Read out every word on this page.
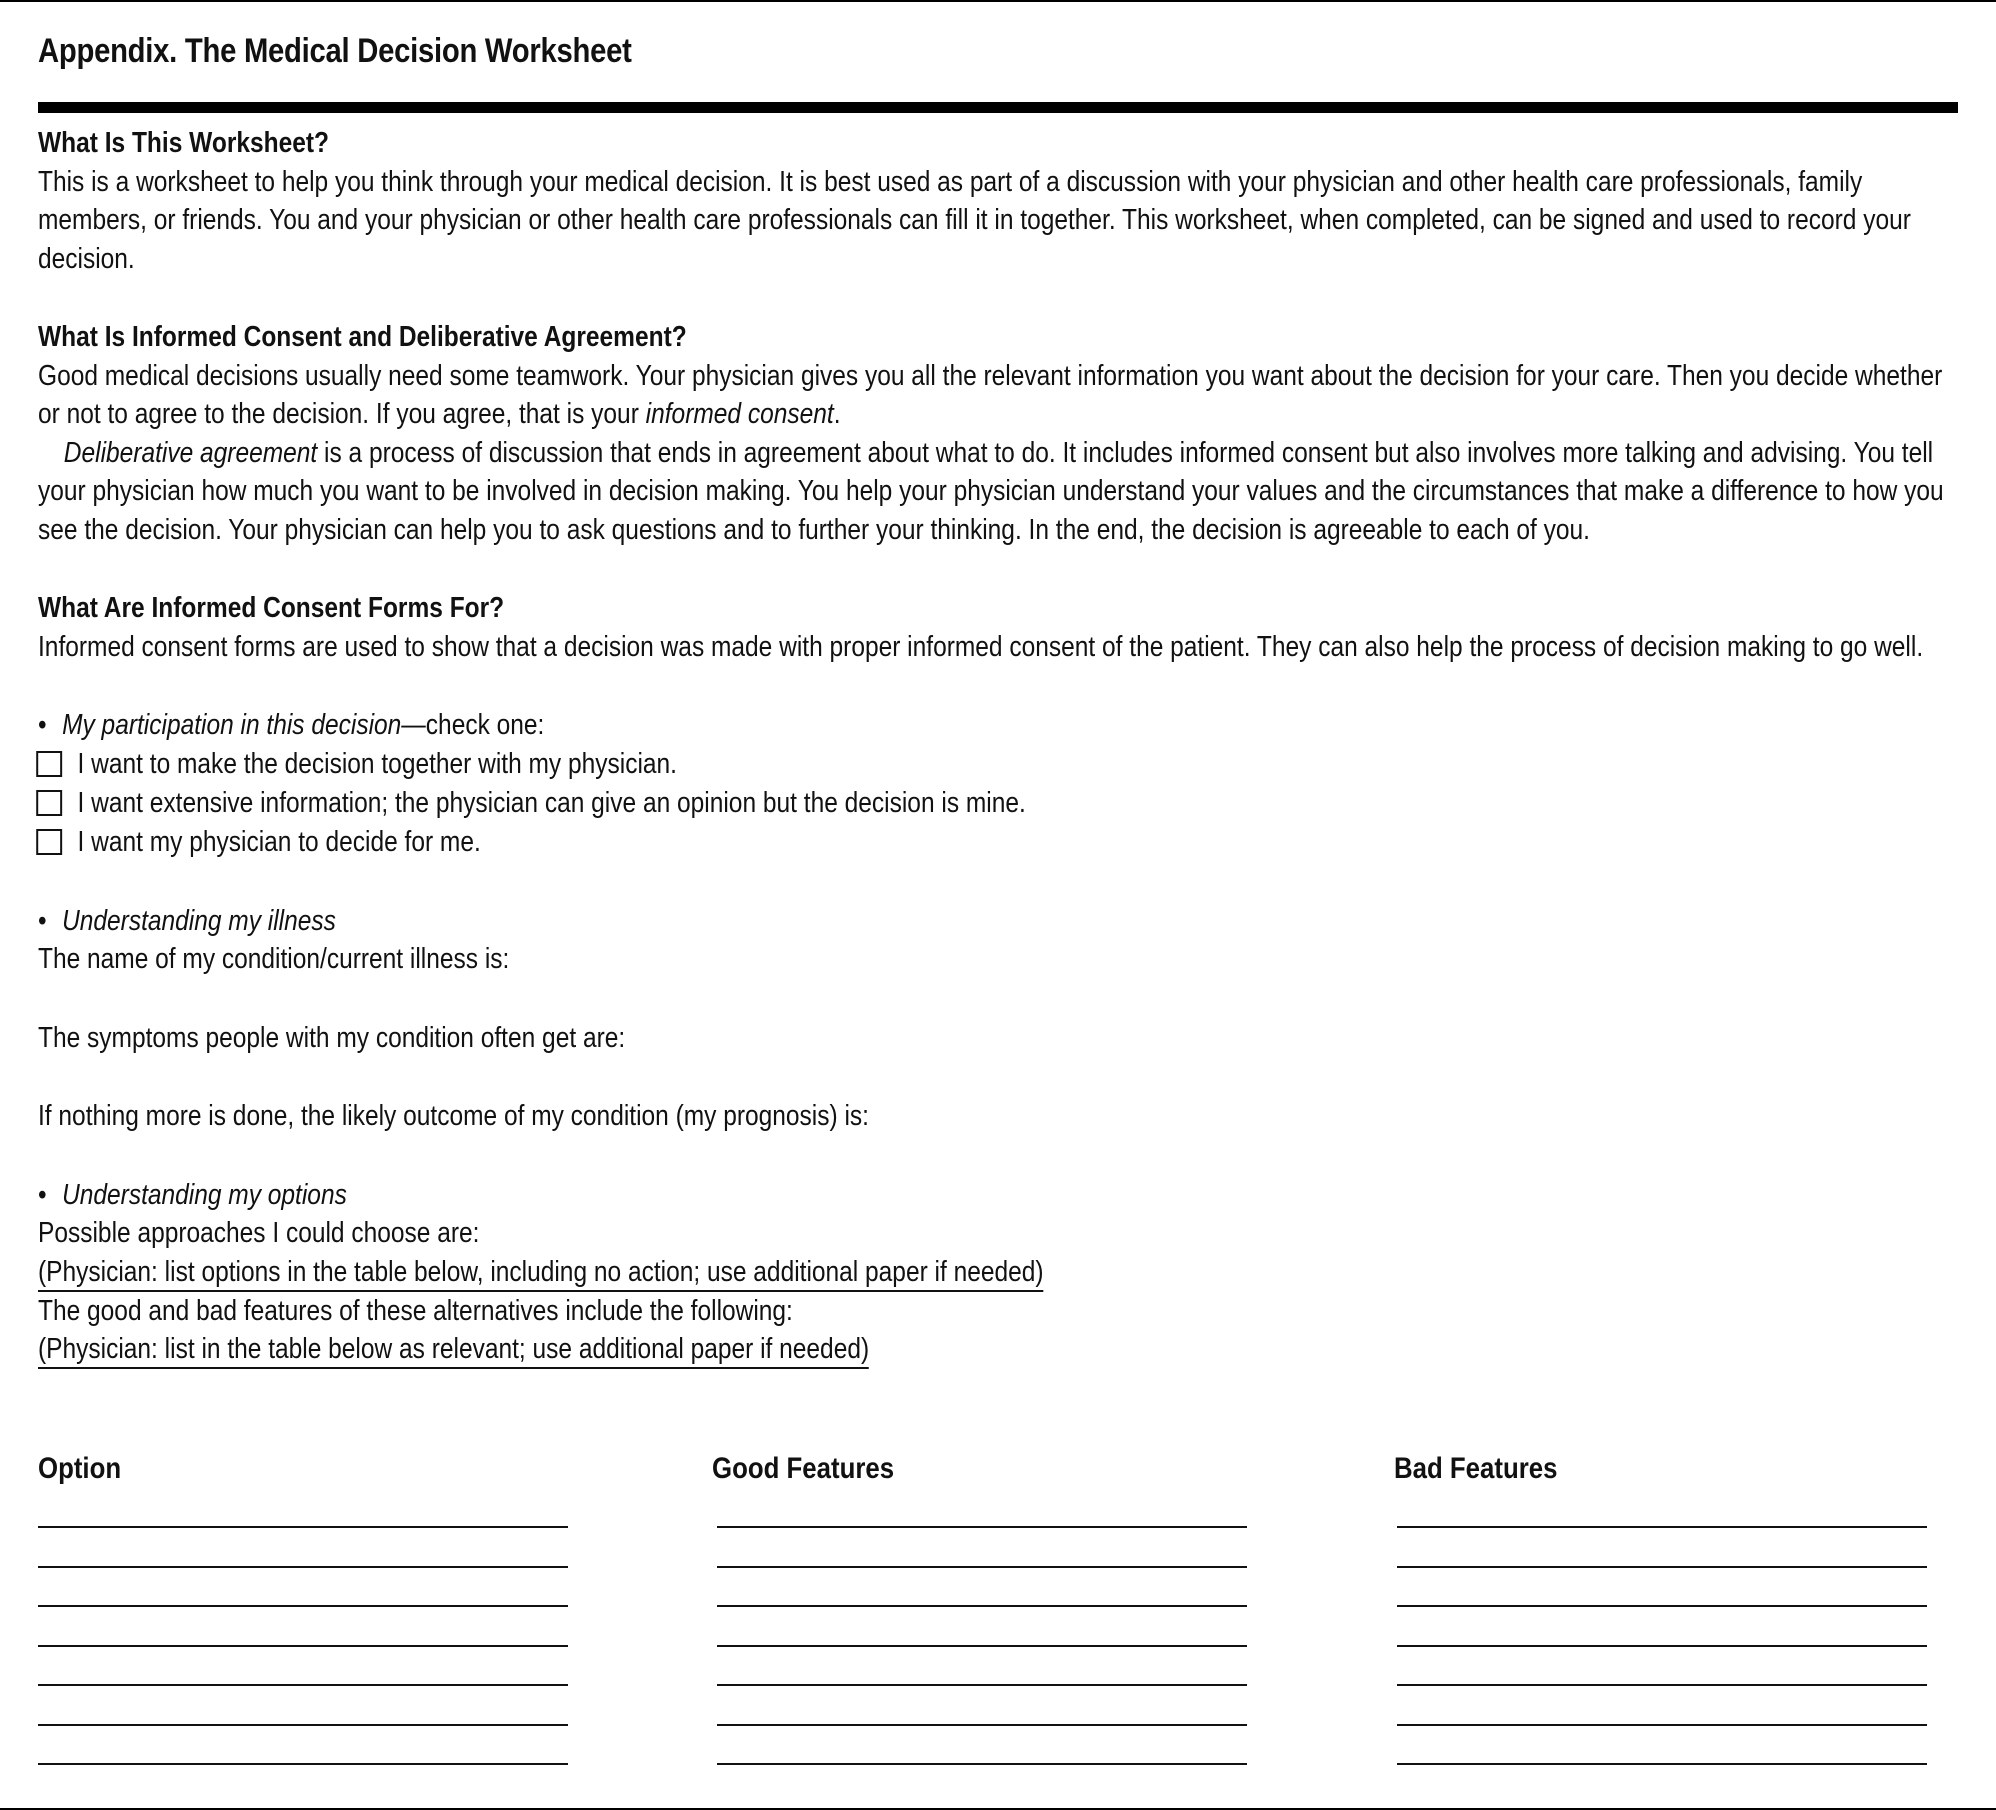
Appendix. The Medical Decision Worksheet

What Is This Worksheet?

This is a worksheet to help you think through your medical decision. It is best used as part of a discussion with your physician and other health care professionals, family members, or friends. You and your physician or other health care professionals can fill it in together. This worksheet, when completed, can be signed and used to record your decision.

What Is Informed Consent and Deliberative Agreement?

Good medical decisions usually need some teamwork. Your physician gives you all the relevant information you want about the decision for your care. Then you decide whether or not to agree to the decision. If you agree, that is your informed consent.

Deliberative agreement is a process of discussion that ends in agreement about what to do. It includes informed consent but also involves more talking and advising. You tell your physician how much you want to be involved in decision making. You help your physician understand your values and the circumstances that make a difference to how you see the decision. Your physician can help you to ask questions and to further your thinking. In the end, the decision is agreeable to each of you.

What Are Informed Consent Forms For?

Informed consent forms are used to show that a decision was made with proper informed consent of the patient. They can also help the process of decision making to go well.

• My participation in this decision—check one:

I want to make the decision together with my physician.
I want extensive information; the physician can give an opinion but the decision is mine.
I want my physician to decide for me.

• Understanding my illness

The name of my condition/current illness is:

The symptoms people with my condition often get are:

If nothing more is done, the likely outcome of my condition (my prognosis) is:

• Understanding my options

Possible approaches I could choose are:

(Physician: list options in the table below, including no action; use additional paper if needed)

The good and bad features of these alternatives include the following:

(Physician: list in the table below as relevant; use additional paper if needed)

Option	Good Features	Bad Features
